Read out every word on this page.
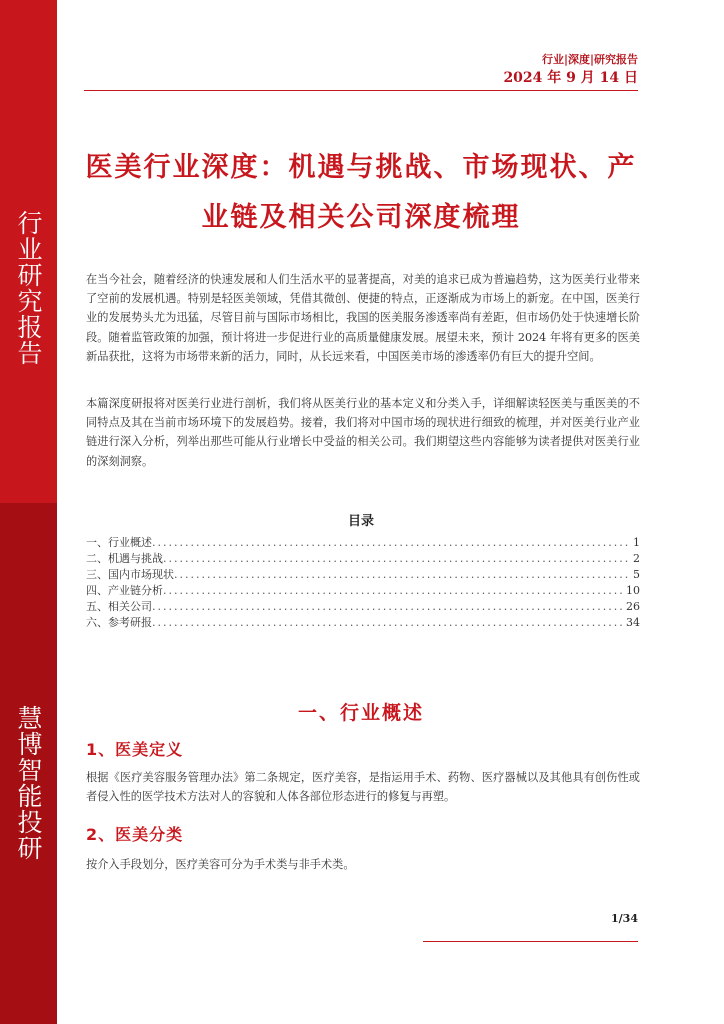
行业研究报告
慧博智能投研
行业|深度|研究报告
2024 年 9 月 14 日
医美行业深度：机遇与挑战、市场现状、产
业链及相关公司深度梳理
在当今社会，随着经济的快速发展和人们生活水平的显著提高，对美的追求已成为普遍趋势，这为医美行业带来了空前的发展机遇。特别是轻医美领域，凭借其微创、便捷的特点，正逐渐成为市场上的新宠。在中国，医美行业的发展势头尤为迅猛，尽管目前与国际市场相比，我国的医美服务渗透率尚有差距，但市场仍处于快速增长阶段。随着监管政策的加强，预计将进一步促进行业的高质量健康发展。展望未来，预计 2024 年将有更多的医美新品获批，这将为市场带来新的活力，同时，从长远来看，中国医美市场的渗透率仍有巨大的提升空间。
本篇深度研报将对医美行业进行剖析，我们将从医美行业的基本定义和分类入手，详细解读轻医美与重医美的不同特点及其在当前市场环境下的发展趋势。接着，我们将对中国市场的现状进行细致的梳理，并对医美行业产业链进行深入分析，列举出那些可能从行业增长中受益的相关公司。我们期望这些内容能够为读者提供对医美行业的深刻洞察。
目录
一、行业概述 .....	1
二、机遇与挑战 .....	2
三、国内市场现状 .....	5
四、产业链分析 .....	10
五、相关公司 .....	26
六、参考研报 .....	34
一、行业概述
1、医美定义
根据《医疗美容服务管理办法》第二条规定，医疗美容，是指运用手术、药物、医疗器械以及其他具有创伤性或者侵入性的医学技术方法对人的容貌和人体各部位形态进行的修复与再塑。
2、医美分类
按介入手段划分，医疗美容可分为手术类与非手术类。
1/34
